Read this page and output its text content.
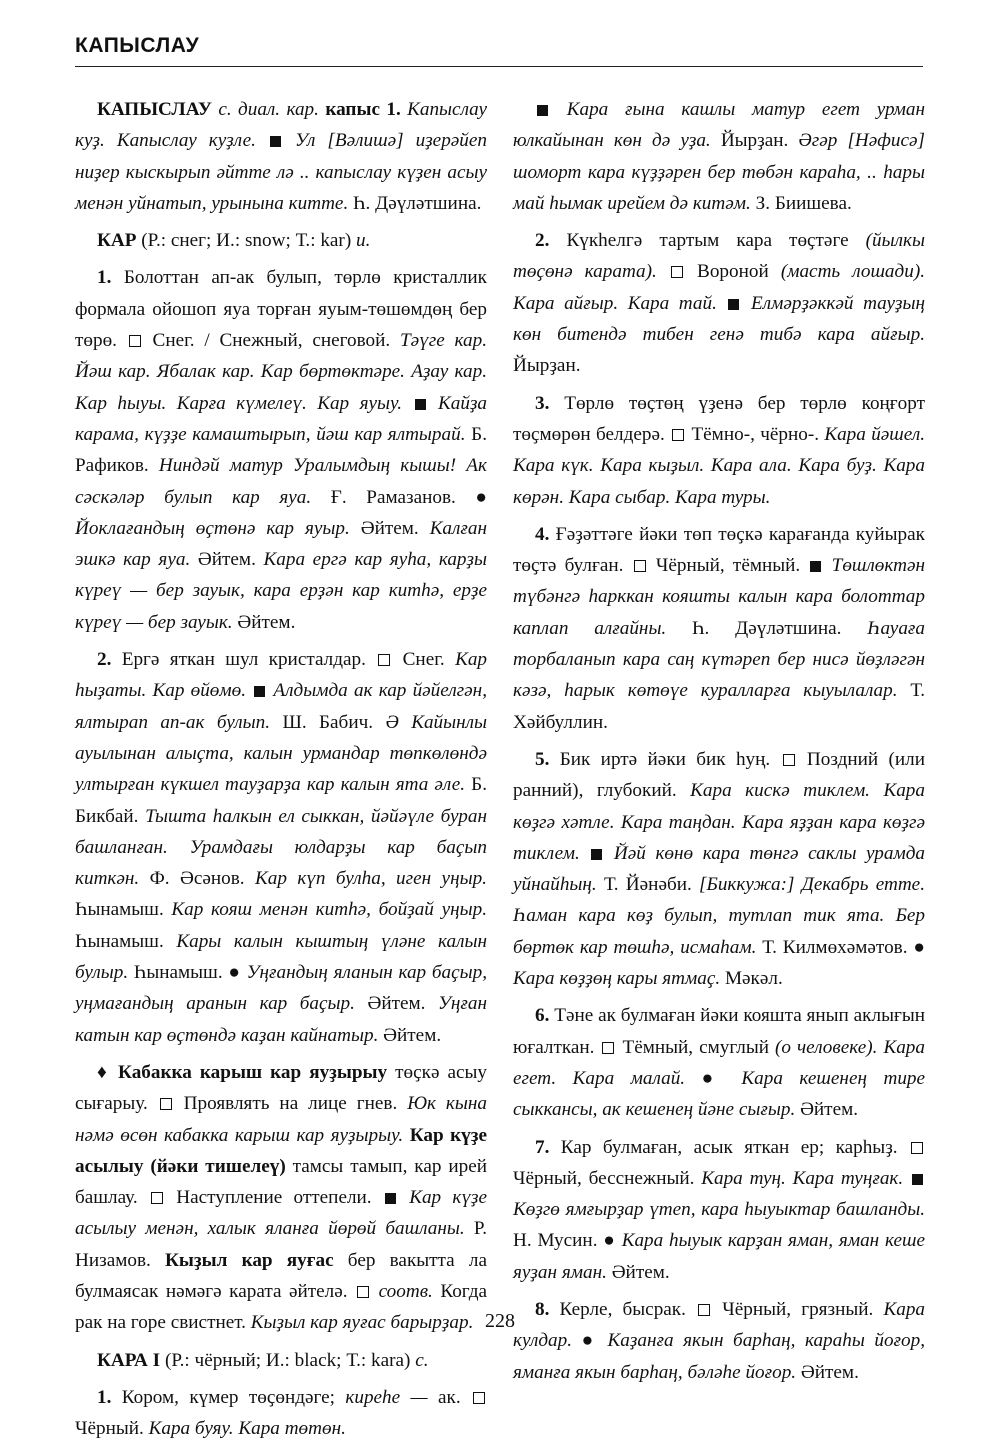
КАПЫСЛАУ

КАПЫСЛАУ с. диал. кар. капыс 1. Капыслау куҙ. Капыслау куҙле. Ул [Вәлишә] иҙерәйеп ниҙер кыскырып әйтте лә .. капыслау күҙен асыу менән уйнатып, урынына китте. Һ. Дәүләтшина.

КАР (Р.: снег; И.: snow; Т.: kar) и.

1. Болоттан ап-ак булып, төрлө кристаллик формала ойошоп яуа торған яуым-төшөмдөң бер төрө.  Снег. / Снежный, снеговой. Тәүге кар. Йәш кар. Ябалак кар. Кар бөртөктәре. Аҙау кар. Кар һыуы. Карға күмелеү. Кар яуыу. Кайҙа карама, күҙҙе камаштырып, йәш кар ялтырай. Б. Рафиков. Ниндәй матур Уралымдың кышы! Ак сәскәләр булып кар яуа. Ғ. Рамазанов. ● Йоклағандың өҫтөнә кар яуыр. Әйтем. Калған эшкә кар яуа. Әйтем. Кара ергә кар яуһа, карҙы күреү — бер зауык, кара ерҙән кар китһә, ерҙе күреү — бер зауык. Әйтем.

2. Ергә яткан шул кристалдар.  Снег. Кар һыҙаты. Кар өйөмө. Алдымда ак кар йәйелгән, ялтырап ап-ак булып. Ш. Бабич. Ә Кайынлы ауылынан алыҫта, калын урмандар төпкөлөндә ултырған күкшел тауҙарҙа кар калын ята әле. Б. Бикбай. Тышта һалкын ел сыккан, йәйәүле буран башланған. Урамдағы юлдарҙы кар баҫып киткән. Ф. Әсәнов. Кар күп булһа, иген уңыр. Һынамыш. Кар кояш менән китһә, бойҙай уңыр. Һынамыш. Кары калын кыштың үләне калын булыр. Һынамыш. ● Уңғандың яланын кар баҫыр, уңмағандың аранын кар баҫыр. Әйтем. Уңған катын кар өҫтөндә каҙан кайнатыр. Әйтем.

♦ Кабакка карыш кар яуҙырыу төҫкә асыу сығарыу.  Проявлять на лице гнев. Юк кына нәмә өсөн кабакка карыш кар яуҙырыу. Кар күҙе асылыу (йәки тишелеү) тамсы тамып, кар ирей башлау.  Наступление оттепели.  Кар күҙе асылыу менән, халык яланға йөрөй башланы. Р. Низамов. Кыҙыл кар яуғас бер вакытта ла булмаясак нәмәгә карата әйтелә.  соотв. Когда рак на горе свистнет. Кыҙыл кар яуғас барырҙар.

КАРА I (Р.: чёрный; И.: black; Т.: kara) с.

1. Кором, күмер төҫөндәге; киреһе — ак.  Чёрный. Кара буяу. Кара төтөн.

Кара ғына кашлы матур егет урман юлкайынан көн дә уҙа. Йырҙан. Әгәр [Нәфисә] шоморт кара күҙҙәрен бер төбән караһа, .. һары май һымак ирейем дә китәм. З. Биишева.

2. Күкһелгә тартым кара төҫтәге (йылкы төҫөнә карата).  Вороной (масть лошади). Кара айғыр. Кара тай. Елмәрҙәккәй тауҙың көн битендә тибен генә тибә кара айғыр. Йырҙан.

3. Төрлө төҫтөң үҙенә бер төрлө коңғорт төҫмөрөн белдерә.  Тёмно-, чёрно-. Кара йәшел. Кара күк. Кара кыҙыл. Кара ала. Кара буҙ. Кара көрән. Кара сыбар. Кара туры.

4. Ғәҙәттәге йәки төп төҫкә карағанда куйырак төҫтә булған.  Чёрный, тёмный.  Төшлөктән түбәнгә һарккан кояшты калын кара болоттар каплап алғайны. Һ. Дәүләтшина. Һауаға торбаланып кара саң күтәреп бер нисә йөҙләгән кәзә, һарык көтөүе куралларға кыуылалар. Т. Хәйбуллин.

5. Бик иртә йәки бик һуң.  Поздний (или ранний), глубокий. Кара кискә тиклем. Кара көҙгә хәтле. Кара таңдан. Кара яҙҙан кара көҙгә тиклем. Йәй көнө кара төнгә саклы урамда уйнайһың. Т. Йәнәби. [Биккужа:] Декабрь етте. Һаман кара көҙ булып, тутлап тик ята. Бер бөртөк кар төшһә, исмаһам. Т. Килмөхәмәтов. ● Кара көҙҙөң кары ятмаҫ. Мәкәл.

6. Тәне ак булмаған йәки кояшта янып аклығын юғалткан.  Тёмный, смуглый (о человеке). Кара егет. Кара малай. ● Кара кешенең тире сыккансы, ак кешенең йәне сығыр. Әйтем.

7. Кар булмаған, асык яткан ер; карһыҙ.  Чёрный, бесснежный. Кара туң. Кара туңғак.  Көҙгө ямғырҙар үтеп, кара һыуыктар башланды. Н. Мусин. ● Кара һыуык карҙан яман, яман кеше яуҙан яман. Әйтем.

8. Керле, бысрак.  Чёрный, грязный. Кара кулдар. ● Каҙанға якын барһаң, караһы йоғор, яманға якын барһаң, бәләһе йоғор. Әйтем.

228
